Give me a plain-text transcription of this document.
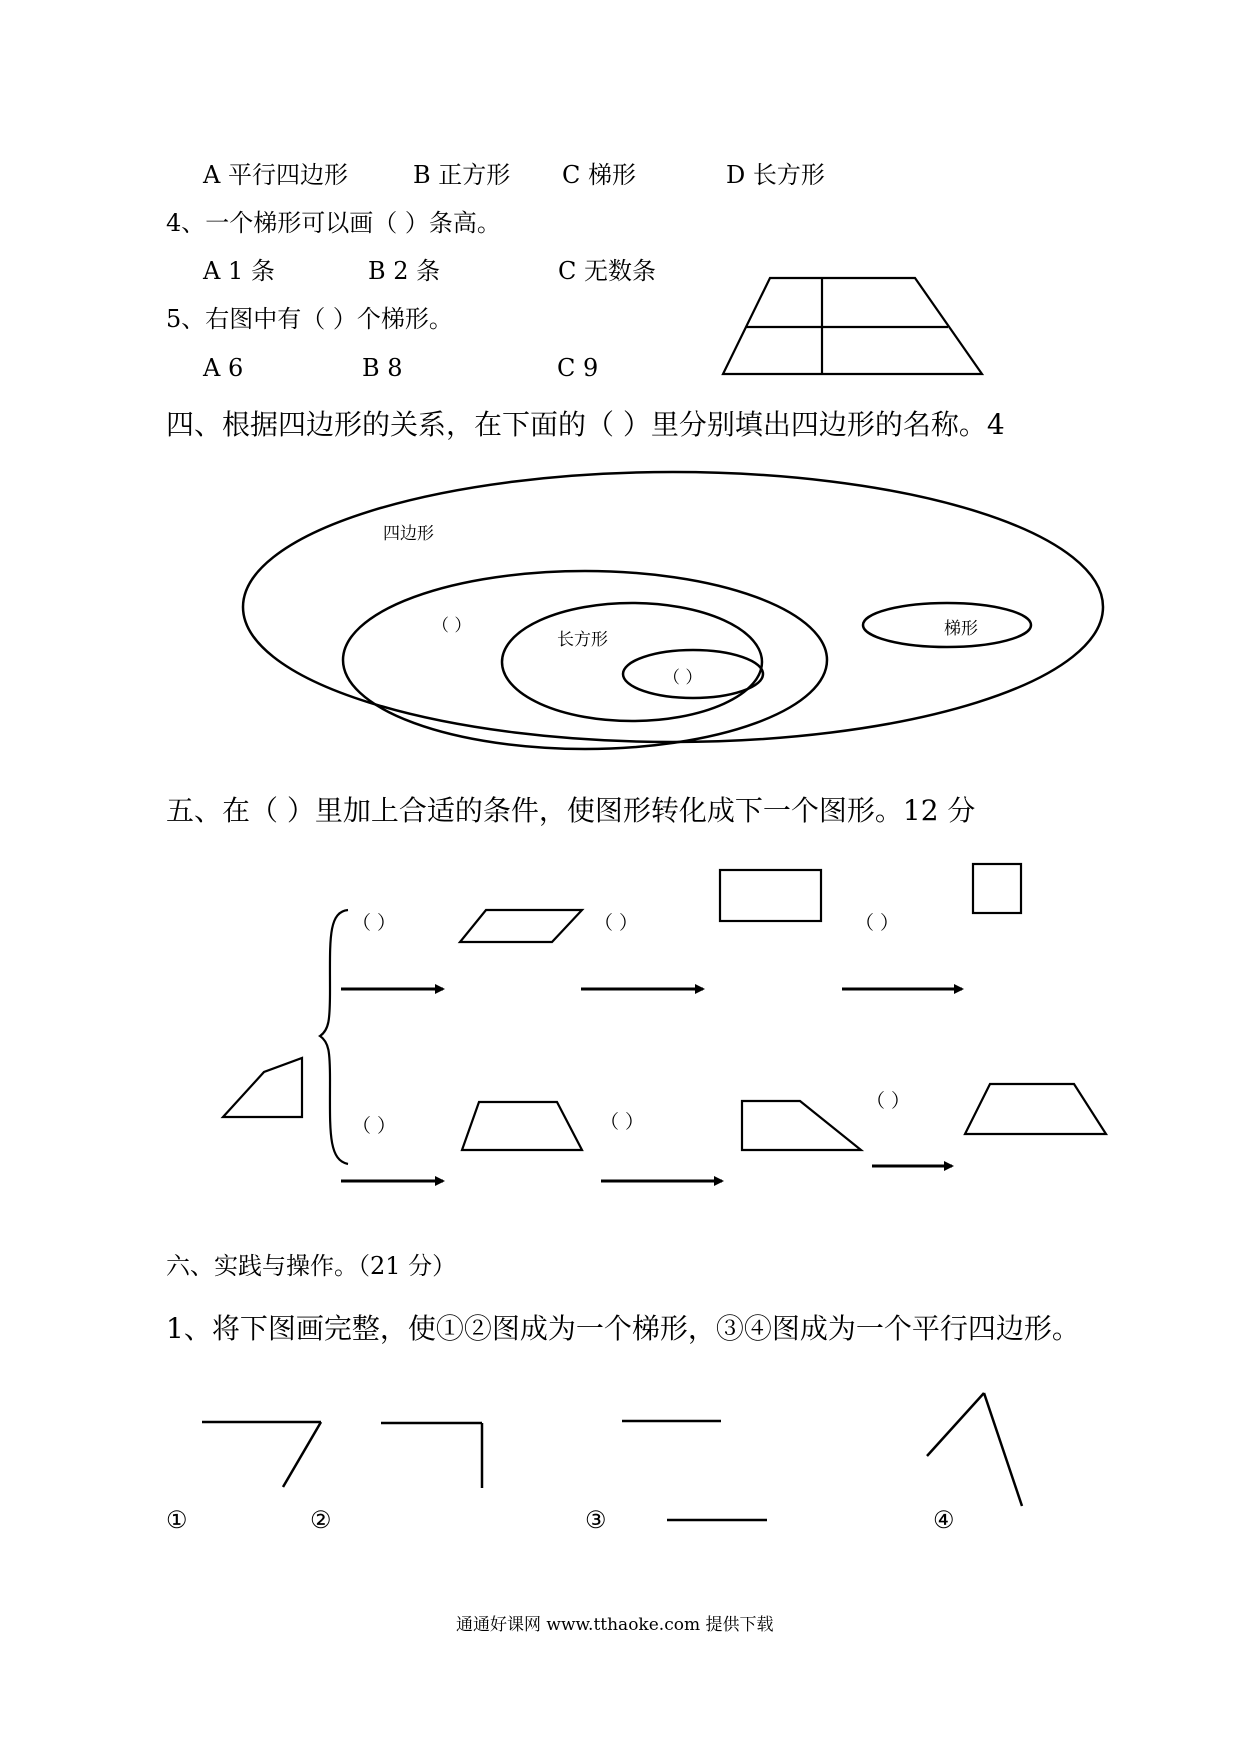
A 平行四边形	B 正方形 C 梯形	D 长方形
4、一个梯形可以画（ ）条高。
A 1 条	B 2 条	C 无数条
5、右图中有（ ）个梯形。
A 6	B 8	C 9
四、根据四边形的关系，在下面的（ ）里分别填出四边形的名称。4
四边形
（ ）
长方形
（ ）
梯形
五、在（ ）里加上合适的条件，使图形转化成下一个图形。12 分
（ ）	（ ）	（ ）
（ ）	（ ）
（ ）
六、实践与操作。（21 分）
1、将下图画完整，使①②图成为一个梯形，③④图成为一个平行四边形。
①	②	③	④
通通好课网 www.tthaoke.com 提供下载
